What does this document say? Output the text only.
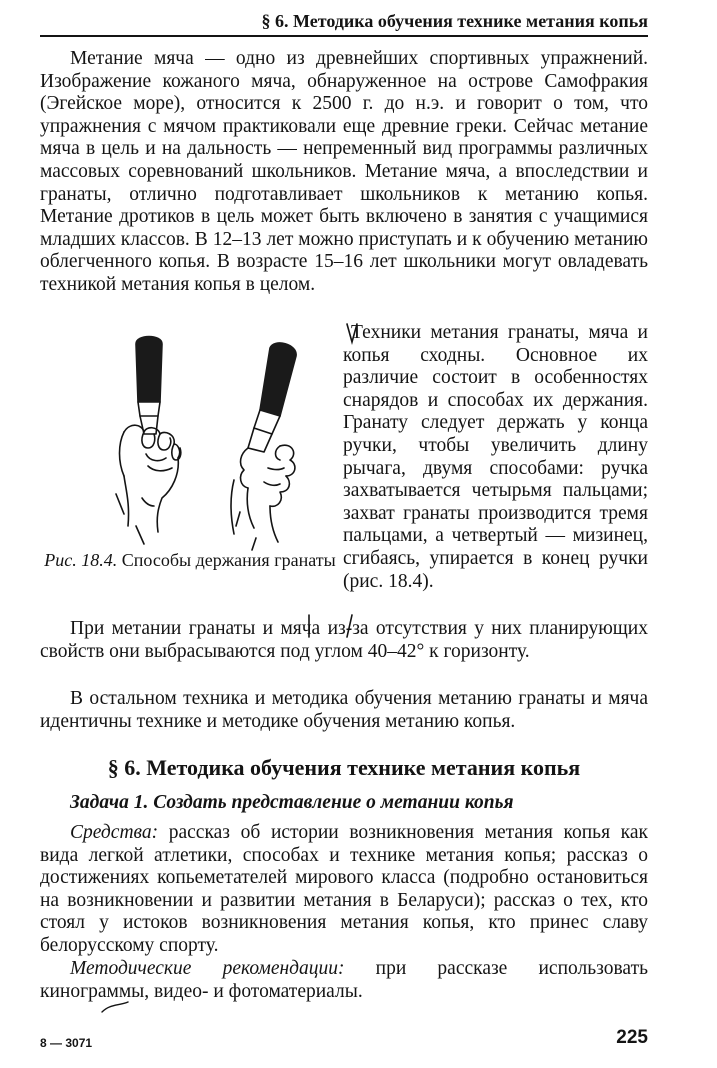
§ 6. Методика обучения технике метания копья

Метание мяча — одно из древнейших спортивных упражнений. Изображение кожаного мяча, обнаруженное на острове Самофракия (Эгейское море), относится к 2500 г. до н.э. и говорит о том, что упражнения с мячом практиковали еще древние греки. Сейчас метание мяча в цель и на дальность — непременный вид программы различных массовых соревнований школьников. Метание мяча, а впоследствии и гранаты, отлично подготавливает школьников к метанию копья. Метание дротиков в цель может быть включено в занятия с учащимися младших классов. В 12–13 лет можно приступать и к обучению метанию облегченного копья. В возрасте 15–16 лет школьники могут овладевать техникой метания копья в целом.

Рис. 18.4. Способы держания гранаты

Техники метания гранаты, мяча и копья сходны. Основное их различие состоит в особенностях снарядов и способах их держания. Гранату следует держать у конца ручки, чтобы увеличить длину рычага, двумя способами: ручка захватывается четырьмя пальцами; захват гранаты производится тремя пальцами, а четвертый — мизинец, сгибаясь, упирается в конец ручки (рис. 18.4).

При метании гранаты и мяча из-за отсутствия у них планирующих свойств они выбрасываются под углом 40–42° к горизонту.

В остальном техника и методика обучения метанию гранаты и мяча идентичны технике и методике обучения метанию копья.

§ 6. Методика обучения технике метания копья

Задача 1. Создать представление о метании копья

Средства: рассказ об истории возникновения метания копья как вида легкой атлетики, способах и технике метания копья; рассказ о достижениях копьеметателей мирового класса (подробно остановиться на возникновении и развитии метания в Беларуси); рассказ о тех, кто стоял у истоков возникновения метания копья, кто принес славу белорусскому спорту.

Методические рекомендации: при рассказе использовать кинограммы, видео- и фотоматериалы.

8 — 3071	225
